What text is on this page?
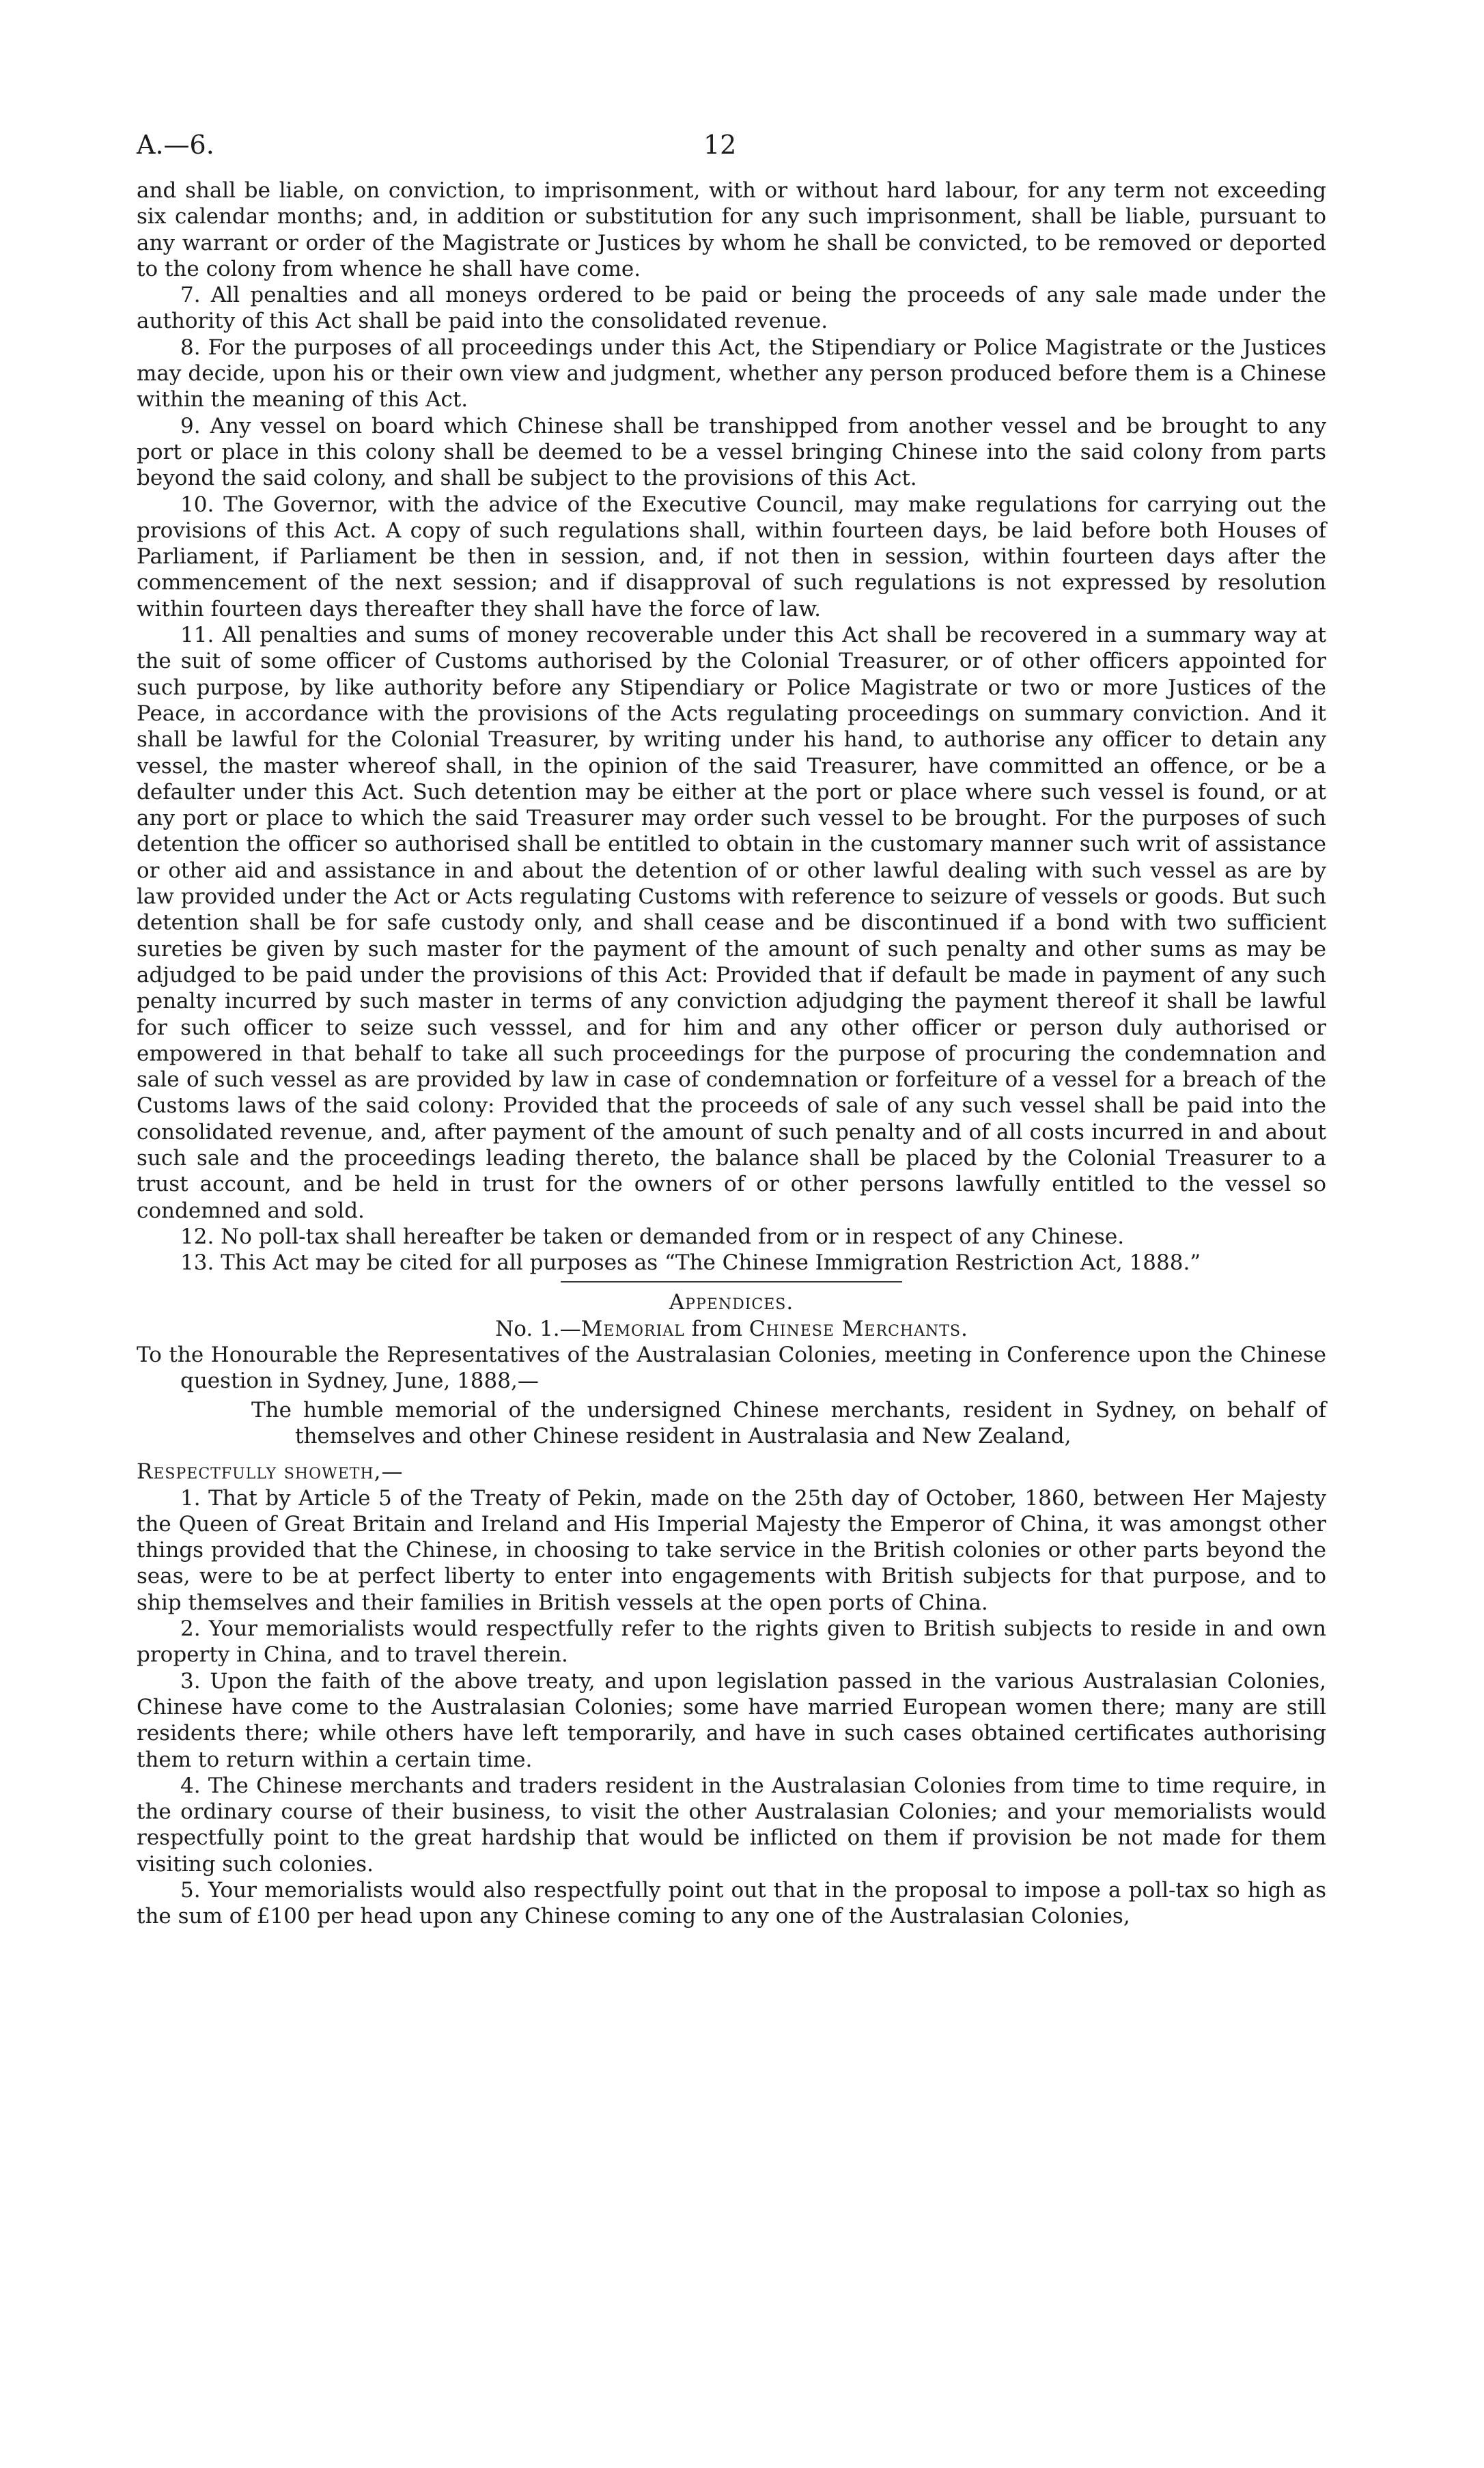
A.—6.	12

and shall be liable, on conviction, to imprisonment, with or without hard labour, for any term not exceeding six calendar months; and, in addition or substitution for any such imprisonment, shall be liable, pursuant to any warrant or order of the Magistrate or Justices by whom he shall be convicted, to be removed or deported to the colony from whence he shall have come.

7. All penalties and all moneys ordered to be paid or being the proceeds of any sale made under the authority of this Act shall be paid into the consolidated revenue.

8. For the purposes of all proceedings under this Act, the Stipendiary or Police Magistrate or the Justices may decide, upon his or their own view and judgment, whether any person produced before them is a Chinese within the meaning of this Act.

9. Any vessel on board which Chinese shall be transhipped from another vessel and be brought to any port or place in this colony shall be deemed to be a vessel bringing Chinese into the said colony from parts beyond the said colony, and shall be subject to the provisions of this Act.

10. The Governor, with the advice of the Executive Council, may make regulations for carrying out the provisions of this Act. A copy of such regulations shall, within fourteen days, be laid before both Houses of Parliament, if Parliament be then in session, and, if not then in session, within fourteen days after the commencement of the next session; and if disapproval of such regulations is not expressed by resolution within fourteen days thereafter they shall have the force of law.

11. All penalties and sums of money recoverable under this Act shall be recovered in a summary way at the suit of some officer of Customs authorised by the Colonial Treasurer, or of other officers appointed for such purpose, by like authority before any Stipendiary or Police Magistrate or two or more Justices of the Peace, in accordance with the provisions of the Acts regulating proceedings on summary conviction. And it shall be lawful for the Colonial Treasurer, by writing under his hand, to authorise any officer to detain any vessel, the master whereof shall, in the opinion of the said Treasurer, have committed an offence, or be a defaulter under this Act. Such detention may be either at the port or place where such vessel is found, or at any port or place to which the said Treasurer may order such vessel to be brought. For the purposes of such detention the officer so authorised shall be entitled to obtain in the customary manner such writ of assistance or other aid and assistance in and about the detention of or other lawful dealing with such vessel as are by law provided under the Act or Acts regulating Customs with reference to seizure of vessels or goods. But such detention shall be for safe custody only, and shall cease and be discontinued if a bond with two sufficient sureties be given by such master for the payment of the amount of such penalty and other sums as may be adjudged to be paid under the provisions of this Act: Provided that if default be made in payment of any such penalty incurred by such master in terms of any conviction adjudging the payment thereof it shall be lawful for such officer to seize such vesssel, and for him and any other officer or person duly authorised or empowered in that behalf to take all such proceedings for the purpose of procuring the condemnation and sale of such vessel as are provided by law in case of condemnation or forfeiture of a vessel for a breach of the Customs laws of the said colony: Provided that the proceeds of sale of any such vessel shall be paid into the consolidated revenue, and, after payment of the amount of such penalty and of all costs incurred in and about such sale and the proceedings leading thereto, the balance shall be placed by the Colonial Treasurer to a trust account, and be held in trust for the owners of or other persons lawfully entitled to the vessel so condemned and sold.

12. No poll-tax shall hereafter be taken or demanded from or in respect of any Chinese.

13. This Act may be cited for all purposes as “The Chinese Immigration Restriction Act, 1888.”

Appendices.

No. 1.—Memorial from Chinese Merchants.

To the Honourable the Representatives of the Australasian Colonies, meeting in Conference upon the Chinese question in Sydney, June, 1888,—

The humble memorial of the undersigned Chinese merchants, resident in Sydney, on behalf of themselves and other Chinese resident in Australasia and New Zealand,

Respectfully showeth,—

1. That by Article 5 of the Treaty of Pekin, made on the 25th day of October, 1860, between Her Majesty the Queen of Great Britain and Ireland and His Imperial Majesty the Emperor of China, it was amongst other things provided that the Chinese, in choosing to take service in the British colonies or other parts beyond the seas, were to be at perfect liberty to enter into engagements with British subjects for that purpose, and to ship themselves and their families in British vessels at the open ports of China.

2. Your memorialists would respectfully refer to the rights given to British subjects to reside in and own property in China, and to travel therein.

3. Upon the faith of the above treaty, and upon legislation passed in the various Australasian Colonies, Chinese have come to the Australasian Colonies; some have married European women there; many are still residents there; while others have left temporarily, and have in such cases obtained certificates authorising them to return within a certain time.

4. The Chinese merchants and traders resident in the Australasian Colonies from time to time require, in the ordinary course of their business, to visit the other Australasian Colonies; and your memorialists would respectfully point to the great hardship that would be inflicted on them if provision be not made for them visiting such colonies.

5. Your memorialists would also respectfully point out that in the proposal to impose a poll-tax so high as the sum of £100 per head upon any Chinese coming to any one of the Australasian Colonies,
